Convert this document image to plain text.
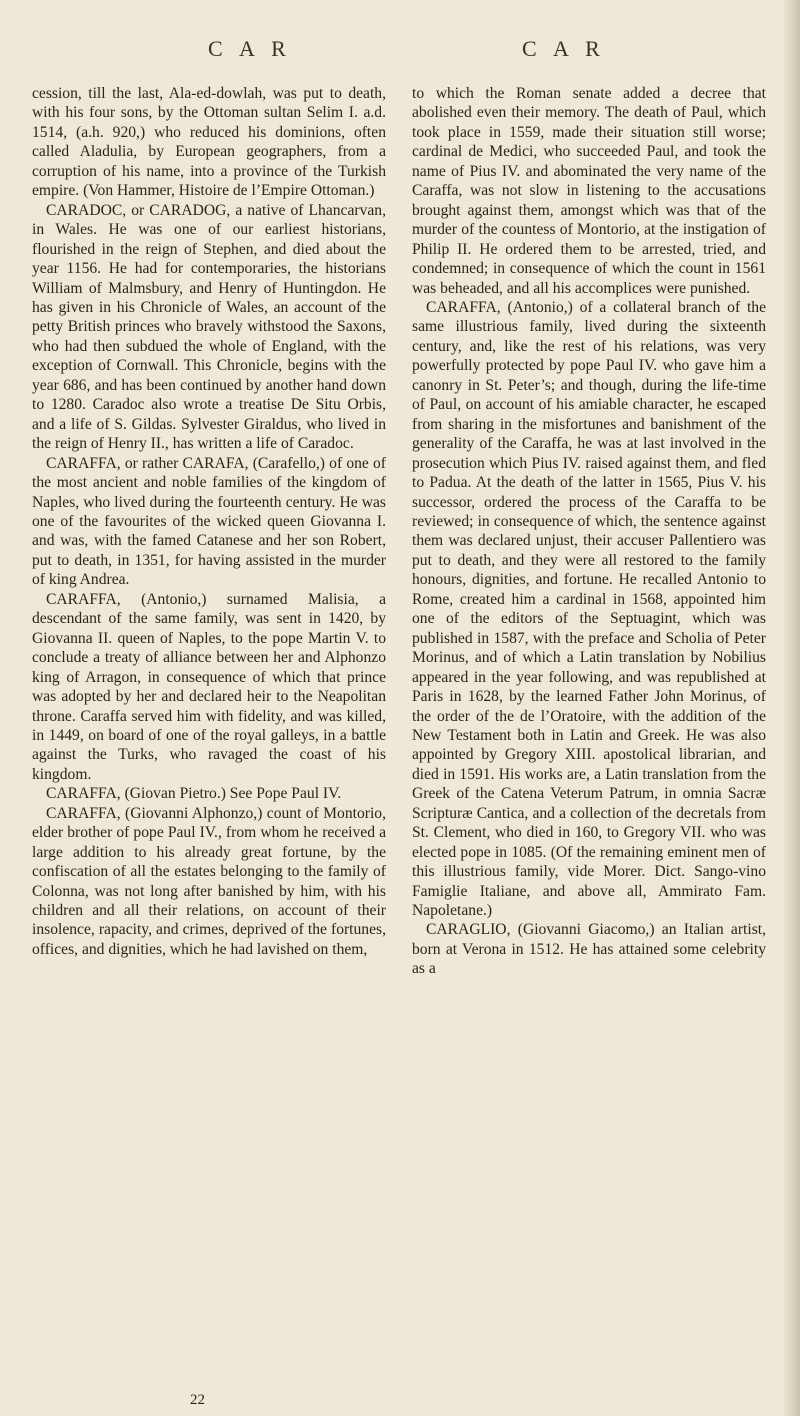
C A R	C A R

cession, till the last, Ala-ed-dowlah, was put to death, with his four sons, by the Ottoman sultan Selim I. a.d. 1514, (a.h. 920,) who reduced his dominions, often called Aladulia, by European geographers, from a corruption of his name, into a province of the Turkish empire. (Von Hammer, Histoire de l’Empire Ottoman.)

CARADOC, or CARADOG, a native of Lhancarvan, in Wales. He was one of our earliest historians, flourished in the reign of Stephen, and died about the year 1156. He had for contemporaries, the historians William of Malmsbury, and Henry of Huntingdon. He has given in his Chronicle of Wales, an account of the petty British princes who bravely withstood the Saxons, who had then subdued the whole of England, with the exception of Cornwall. This Chronicle, begins with the year 686, and has been continued by another hand down to 1280. Caradoc also wrote a treatise De Situ Orbis, and a life of S. Gildas. Sylvester Giraldus, who lived in the reign of Henry II., has written a life of Caradoc.

CARAFFA, or rather CARAFA, (Carafello,) of one of the most ancient and noble families of the kingdom of Naples, who lived during the fourteenth century. He was one of the favourites of the wicked queen Giovanna I. and was, with the famed Catanese and her son Robert, put to death, in 1351, for having assisted in the murder of king Andrea.

CARAFFA, (Antonio,) surnamed Malisia, a descendant of the same family, was sent in 1420, by Giovanna II. queen of Naples, to the pope Martin V. to conclude a treaty of alliance between her and Alphonzo king of Arragon, in consequence of which that prince was adopted by her and declared heir to the Neapolitan throne. Caraffa served him with fidelity, and was killed, in 1449, on board of one of the royal galleys, in a battle against the Turks, who ravaged the coast of his kingdom.

CARAFFA, (Giovan Pietro.) See Pope Paul IV.

CARAFFA, (Giovanni Alphonzo,) count of Montorio, elder brother of pope Paul IV., from whom he received a large addition to his already great fortune, by the confiscation of all the estates belonging to the family of Colonna, was not long after banished by him, with his children and all their relations, on account of their insolence, rapacity, and crimes, deprived of the fortunes, offices, and dignities, which he had lavished on them,

to which the Roman senate added a decree that abolished even their memory. The death of Paul, which took place in 1559, made their situation still worse; cardinal de Medici, who succeeded Paul, and took the name of Pius IV. and abominated the very name of the Caraffa, was not slow in listening to the accusations brought against them, amongst which was that of the murder of the countess of Montorio, at the instigation of Philip II. He ordered them to be arrested, tried, and condemned; in consequence of which the count in 1561 was beheaded, and all his accomplices were punished.

CARAFFA, (Antonio,) of a collateral branch of the same illustrious family, lived during the sixteenth century, and, like the rest of his relations, was very powerfully protected by pope Paul IV. who gave him a canonry in St. Peter’s; and though, during the life-time of Paul, on account of his amiable character, he escaped from sharing in the misfortunes and banishment of the generality of the Caraffa, he was at last involved in the prosecution which Pius IV. raised against them, and fled to Padua. At the death of the latter in 1565, Pius V. his successor, ordered the process of the Caraffa to be reviewed; in consequence of which, the sentence against them was declared unjust, their accuser Pallentiero was put to death, and they were all restored to the family honours, dignities, and fortune. He recalled Antonio to Rome, created him a cardinal in 1568, appointed him one of the editors of the Septuagint, which was published in 1587, with the preface and Scholia of Peter Morinus, and of which a Latin translation by Nobilius appeared in the year following, and was republished at Paris in 1628, by the learned Father John Morinus, of the order of the de l’Oratoire, with the addition of the New Testament both in Latin and Greek. He was also appointed by Gregory XIII. apostolical librarian, and died in 1591. His works are, a Latin translation from the Greek of the Catena Veterum Patrum, in omnia Sacræ Scripturæ Cantica, and a collection of the decretals from St. Clement, who died in 160, to Gregory VII. who was elected pope in 1085. (Of the remaining eminent men of this illustrious family, vide Morer. Dict. Sango-vino Famiglie Italiane, and above all, Ammirato Fam. Napoletane.)

CARAGLIO, (Giovanni Giacomo,) an Italian artist, born at Verona in 1512. He has attained some celebrity as a

22
